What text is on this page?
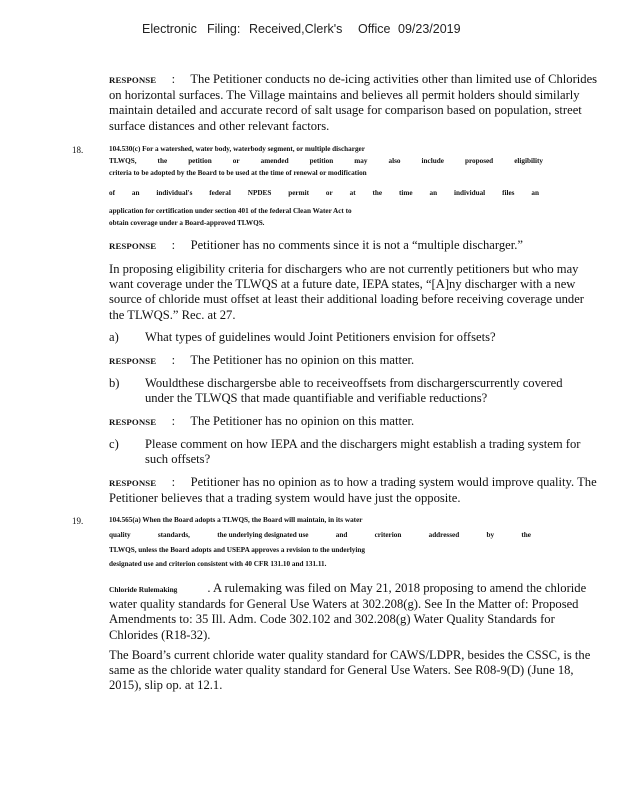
Electronic Filing: Received,Clerk's Office 09/23/2019
RESPONSE : The Petitioner conducts no de-icing activities other than limited use of Chlorides on horizontal surfaces. The Village maintains and believes all permit holders should similarly maintain detailed and accurate record of salt usage for comparison based on population, street surface distances and other relevant factors.
18.	104.530(c) For a watershed, water body, waterbody segment, or multiple discharger
TLWQS,	the	petition	or	amended	petition	may	also	include	proposed	eligibility
criteria to be adopted by the Board to be used at the time of renewal or modification
of an individual's federal NPDES permit or at the time an individual files an
application for certification under section 401 of the federal Clean Water Act to
obtain coverage under a Board-approved TLWQS.
RESPONSE : Petitioner has no comments since it is not a “multiple discharger.”
In proposing eligibility criteria for dischargers who are not currently petitioners but who may want coverage under the TLWQS at a future date, IEPA states, “[A]ny discharger with a new source of chloride must offset at least their additional loading before receiving coverage under the TLWQS.” Rec. at 27.
a) What types of guidelines would Joint Petitioners envision for offsets?
RESPONSE : The Petitioner has no opinion on this matter.
b) Wouldthese dischargersbe able to receiveoffsets from dischargerscurrently covered under the TLWQS that made quantifiable and verifiable reductions?
RESPONSE : The Petitioner has no opinion on this matter.
c) Please comment on how IEPA and the dischargers might establish a trading system for such offsets?
RESPONSE : Petitioner has no opinion as to how a trading system would improve quality. The Petitioner believes that a trading system would have just the opposite.
19.	104.565(a) When the Board adopts a TLWQS, the Board will maintain, in its water
quality	standards,	the underlying designated use	and	criterion	addressed	by	the
TLWQS, unless the Board adopts and USEPA approves a revision to the underlying
designated use and criterion consistent with 40 CFR 131.10 and 131.11.
Chloride Rulemaking . A rulemaking was filed on May 21, 2018 proposing to amend the chloride water quality standards for General Use Waters at 302.208(g). See In the Matter of: Proposed Amendments to: 35 Ill. Adm. Code 302.102 and 302.208(g) Water Quality Standards for Chlorides (R18-32).
The Board’s current chloride water quality standard for CAWS/LDPR, besides the CSSC, is the same as the chloride water quality standard for General Use Waters. See R08-9(D) (June 18, 2015), slip op. at 12.1.
